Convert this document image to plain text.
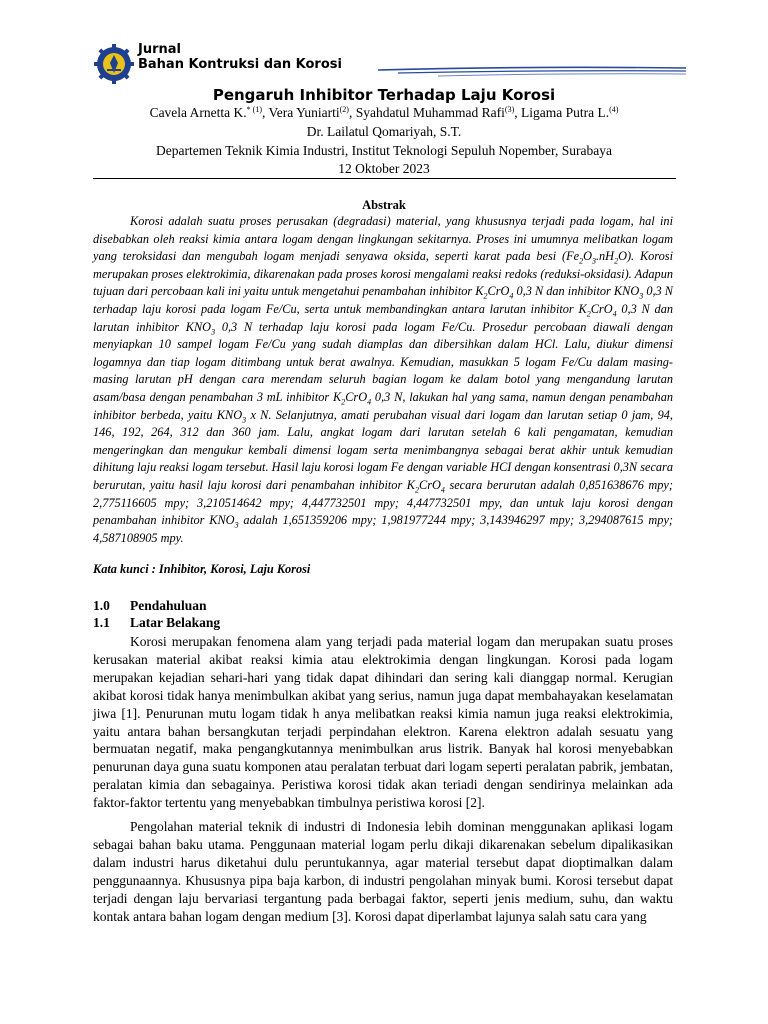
Jurnal
Bahan Kontruksi dan Korosi
Pengaruh Inhibitor Terhadap Laju Korosi
Cavela Arnetta K.$^{* (1)}$, Vera Yuniarti$^{(2)}$, Syahdatul Muhammad Rafi$^{(3)}$, Ligama Putra L.$^{(4)}$
Dr. Lailatul Qomariyah, S.T.
Departemen Teknik Kimia Industri, Institut Teknologi Sepuluh Nopember, Surabaya
12 Oktober 2023
Abstrak

Korosi adalah suatu proses perusakan (degradasi) material, yang khususnya terjadi pada logam, hal ini disebabkan oleh reaksi kimia antara logam dengan lingkungan sekitarnya. Proses ini umumnya melibatkan logam yang teroksidasi dan mengubah logam menjadi senyawa oksida, seperti karat pada besi $(Fe_2O_3.nH_2O)$. Korosi merupakan proses elektrokimia, dikarenakan pada proses korosi mengalami reaksi redoks (reduksi-oksidasi). Adapun tujuan dari percobaan kali ini yaitu untuk mengetahui penambahan inhibitor $K_2CrO_4$ 0,3 N dan inhibitor $KNO_3$ 0,3 N terhadap laju korosi pada logam Fe/Cu, serta untuk membandingkan antara larutan inhibitor $K_2CrO_4$ 0,3 N dan larutan inhibitor $KNO_3$ 0,3 N terhadap laju korosi pada logam Fe/Cu. Prosedur percobaan diawali dengan menyiapkan 10 sampel logam Fe/Cu yang sudah diamplas dan dibersihkan dalam HCl. Lalu, diukur dimensi logamnya dan tiap logam ditimbang untuk berat awalnya. Kemudian, masukkan 5 logam Fe/Cu dalam masing-masing larutan pH dengan cara merendam seluruh bagian logam ke dalam botol yang mengandung larutan asam/basa dengan penambahan 3 mL inhibitor $K_2CrO_4$ 0,3 N, lakukan hal yang sama, namun dengan penambahan inhibitor berbeda, yaitu $KNO_3$ x N. Selanjutnya, amati perubahan visual dari logam dan larutan setiap 0 jam, 94, 146, 192, 264, 312 dan 360 jam. Lalu, angkat logam dari larutan setelah 6 kali pengamatan, kemudian mengeringkan dan mengukur kembali dimensi logam serta menimbangnya sebagai berat akhir untuk kemudian dihitung laju reaksi logam tersebut. Hasil laju korosi logam Fe dengan variable HCI dengan konsentrasi 0,3N secara berurutan, yaitu hasil laju korosi dari penambahan inhibitor $K_2CrO_4$ secara berurutan adalah 0,851638676 mpy; 2,775116605 mpy; 3,210514642 mpy; 4,447732501 mpy; 4,447732501 mpy, dan untuk laju korosi dengan penambahan inhibitor $KNO_3$ adalah 1,651359206 mpy; 1,981977244 mpy; 3,143946297 mpy; 3,294087615 mpy; 4,587108905 mpy.

Kata kunci : Inhibitor, Korosi, Laju Korosi
1.0 Pendahuluan
1.1 Latar Belakang

Korosi merupakan fenomena alam yang terjadi pada material logam dan merupakan suatu proses kerusakan material akibat reaksi kimia atau elektrokimia dengan lingkungan. Korosi pada logam merupakan kejadian sehari-hari yang tidak dapat dihindari dan sering kali dianggap normal. Kerugian akibat korosi tidak hanya menimbulkan akibat yang serius, namun juga dapat membahayakan keselamatan jiwa [1]. Penurunan mutu logam tidak h anya melibatkan reaksi kimia namun juga reaksi elektrokimia, yaitu antara bahan bersangkutan terjadi perpindahan elektron. Karena elektron adalah sesuatu yang bermuatan negatif, maka pengangkutannya menimbulkan arus listrik. Banyak hal korosi menyebabkan penurunan daya guna suatu komponen atau peralatan terbuat dari logam seperti peralatan pabrik, jembatan, peralatan kimia dan sebagainya. Peristiwa korosi tidak akan teriadi dengan sendirinya melainkan ada faktor-faktor tertentu yang menyebabkan timbulnya peristiwa korosi [2].

Pengolahan material teknik di industri di Indonesia lebih dominan menggunakan aplikasi logam sebagai bahan baku utama. Penggunaan material logam perlu dikaji dikarenakan sebelum dipalikasikan dalam industri harus diketahui dulu peruntukannya, agar material tersebut dapat dioptimalkan dalam penggunaannya. Khususnya pipa baja karbon, di industri pengolahan minyak bumi. Korosi tersebut dapat terjadi dengan laju bervariasi tergantung pada berbagai faktor, seperti jenis medium, suhu, dan waktu kontak antara bahan logam dengan medium [3]. Korosi dapat diperlambat lajunya salah satu cara yang
